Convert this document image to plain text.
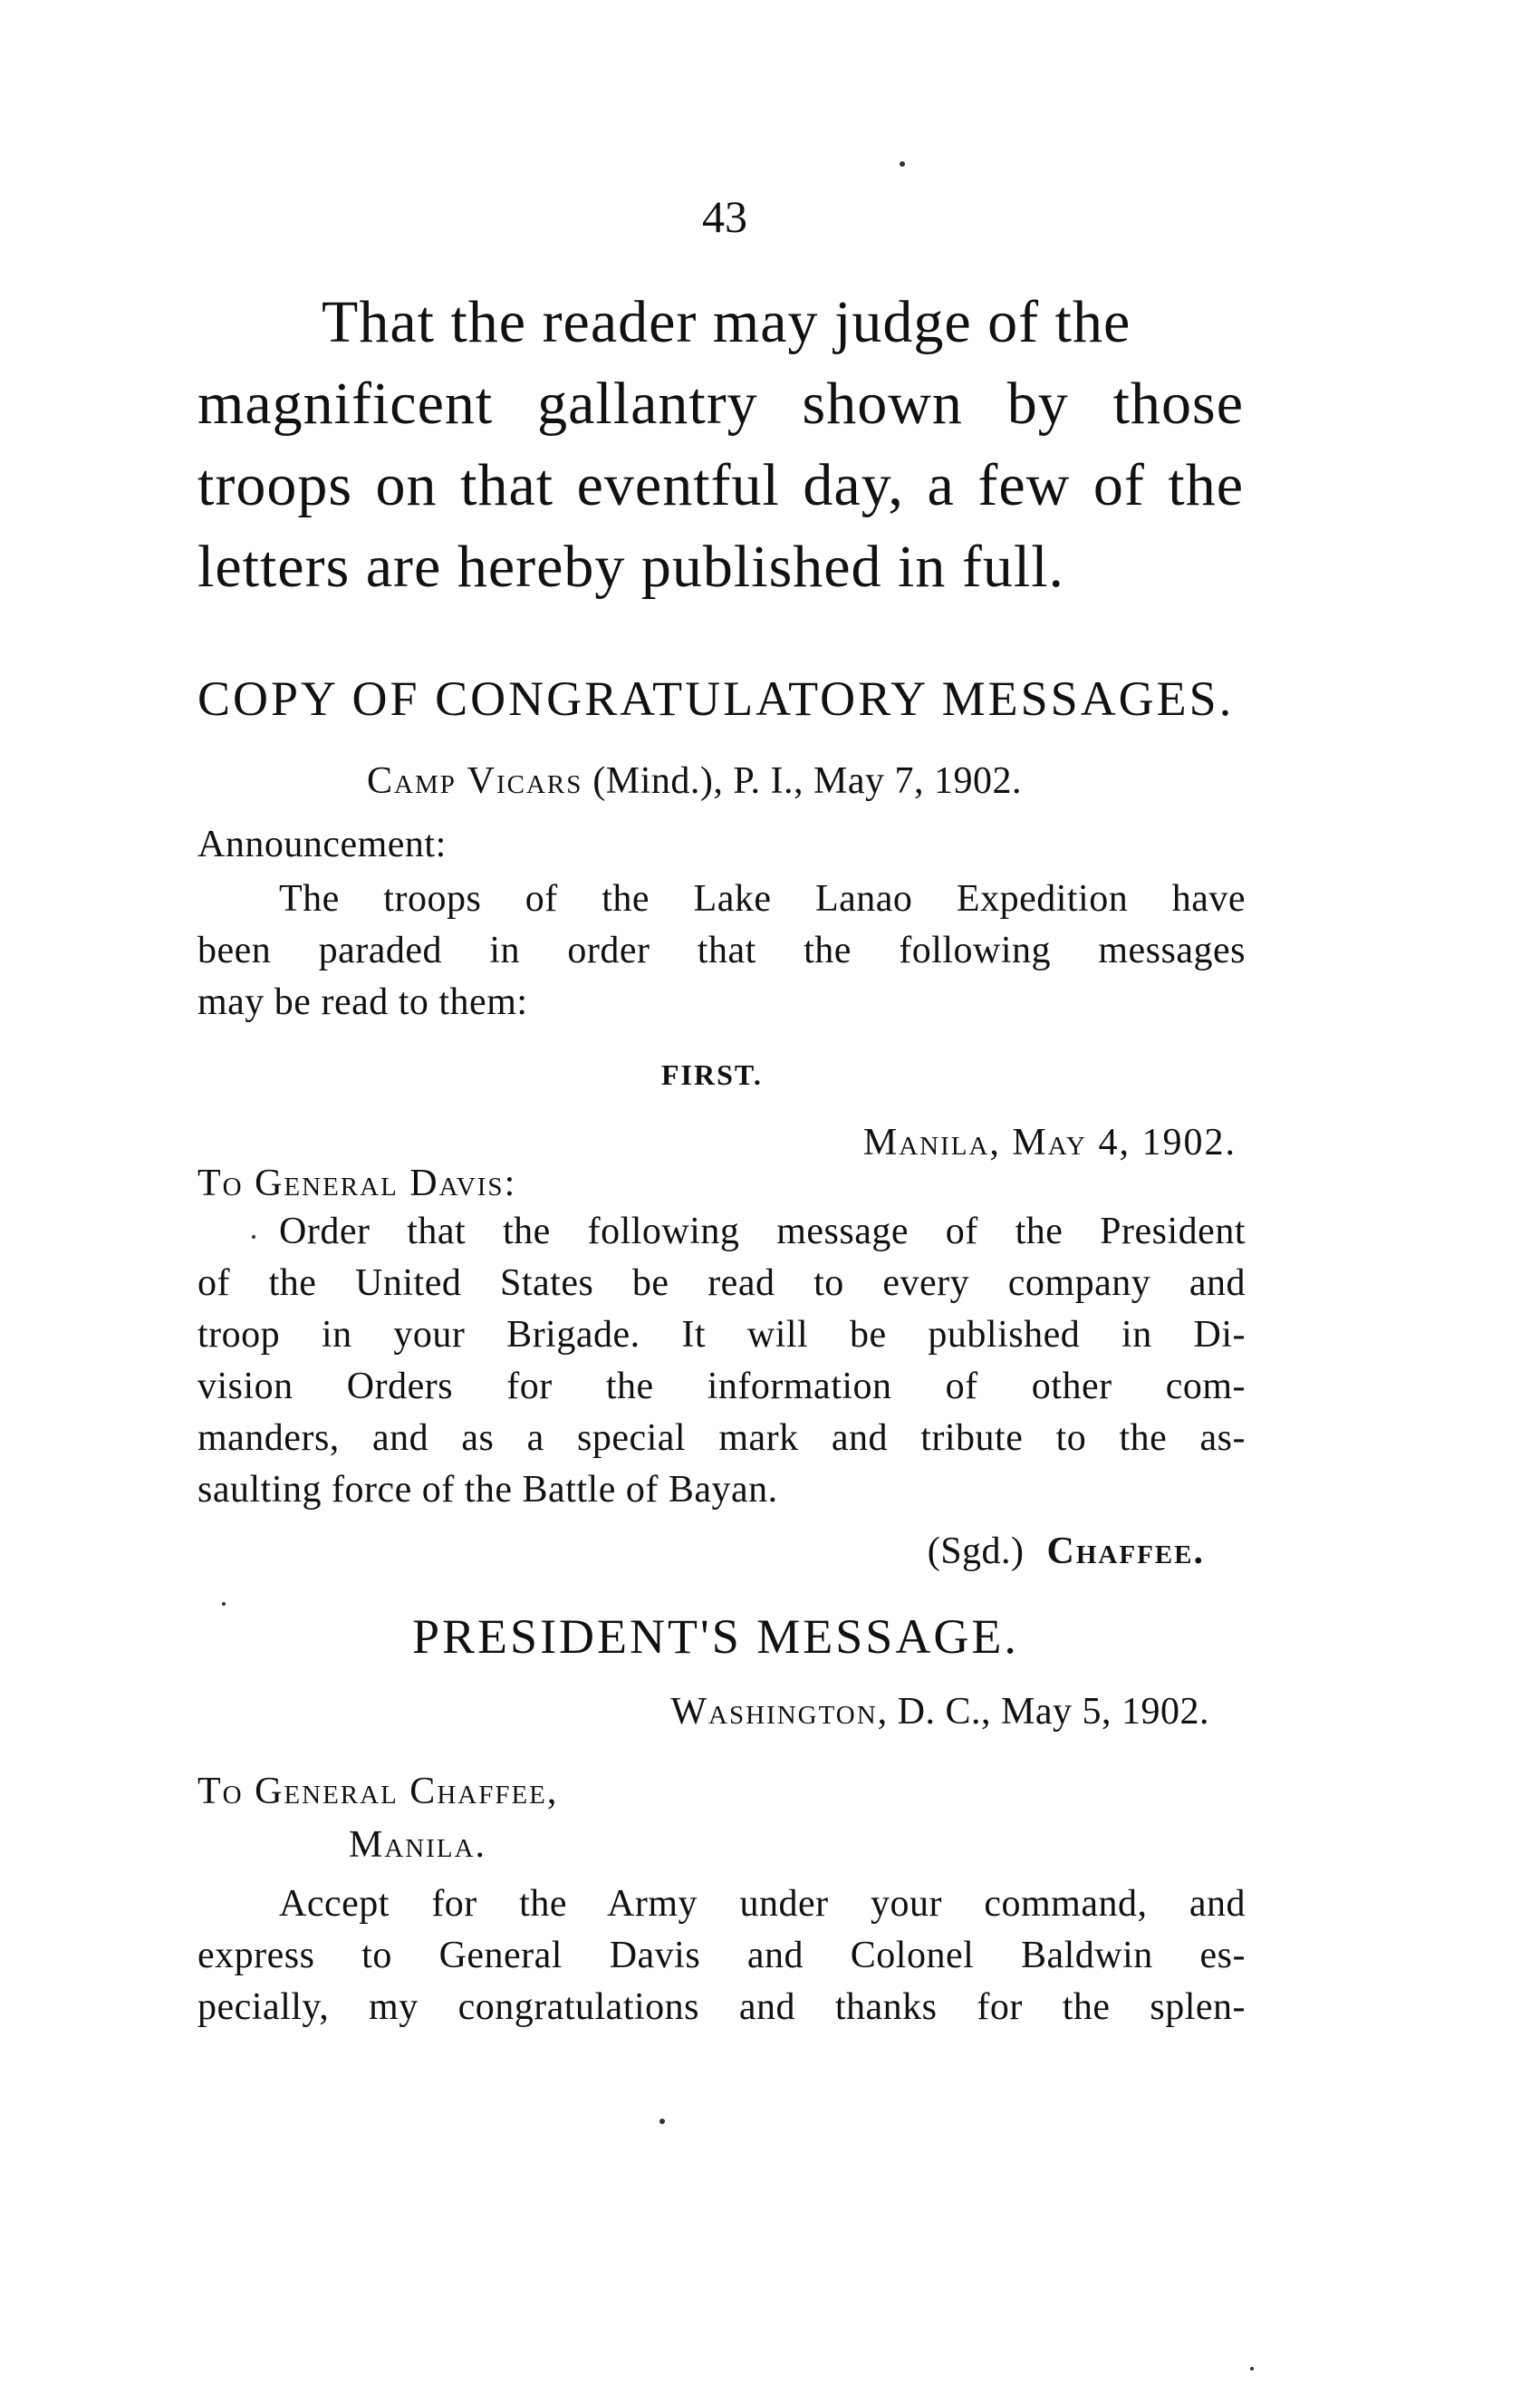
43
That the reader may judge of the
magnificent gallantry shown by those
troops on that eventful day, a few of the
letters are hereby published in full.
COPY OF CONGRATULATORY MESSAGES.
Camp Vicars (Mind.), P. I., May 7, 1902.
Announcement:
The troops of the Lake Lanao Expedition have
been paraded in order that the following messages
may be read to them:
FIRST.
Manila, May 4, 1902.
To General Davis:
Order that the following message of the President
of the United States be read to every company and
troop in your Brigade. It will be published in Di-
vision Orders for the information of other com-
manders, and as a special mark and tribute to the as-
saulting force of the Battle of Bayan.
(Sgd.) Chaffee.
PRESIDENT'S MESSAGE.
Washington, D. C., May 5, 1902.
To General Chaffee,
Manila.
Accept for the Army under your command, and
express to General Davis and Colonel Baldwin es-
pecially, my congratulations and thanks for the splen-
